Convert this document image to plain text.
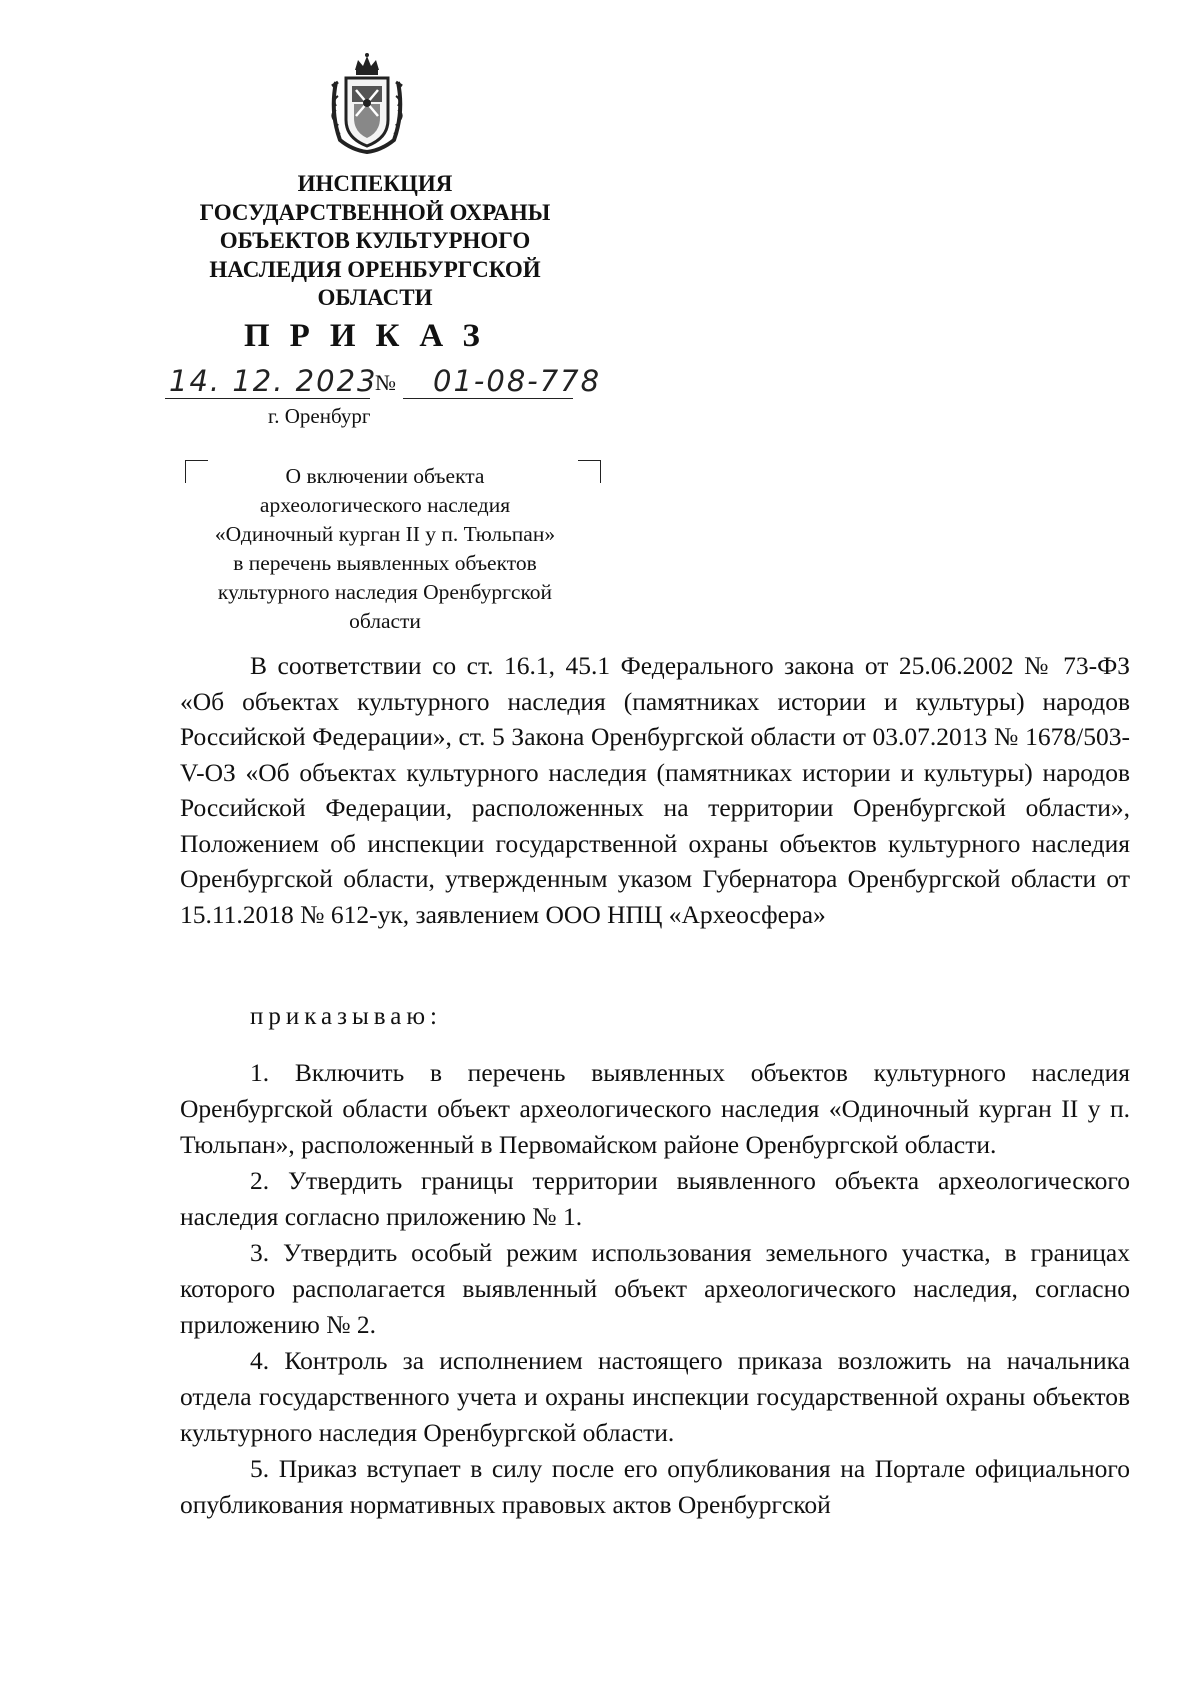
ИНСПЕКЦИЯ
ГОСУДАРСТВЕННОЙ ОХРАНЫ
ОБЪЕКТОВ КУЛЬТУРНОГО
НАСЛЕДИЯ ОРЕНБУРГСКОЙ
ОБЛАСТИ
ПРИКАЗ
14. 12. 2023
№ 01-08-778
г. Оренбург
О включении объекта
археологического наследия
«Одиночный курган II у п. Тюльпан»
в перечень выявленных объектов
культурного наследия Оренбургской
области
В соответствии со ст. 16.1, 45.1 Федерального закона от 25.06.2002 № 73-ФЗ «Об объектах культурного наследия (памятниках истории и культуры) народов Российской Федерации», ст. 5 Закона Оренбургской области от 03.07.2013 № 1678/503-V-ОЗ «Об объектах культурного наследия (памятниках истории и культуры) народов Российской Федерации, расположенных на территории Оренбургской области», Положением об инспекции государственной охраны объектов культурного наследия Оренбургской области, утвержденным указом Губернатора Оренбургской области от 15.11.2018 № 612-ук, заявлением ООО НПЦ «Археосфера»
приказываю:

1. Включить в перечень выявленных объектов культурного наследия Оренбургской области объект археологического наследия «Одиночный курган II у п. Тюльпан», расположенный в Первомайском районе Оренбургской области.

2. Утвердить границы территории выявленного объекта археологического наследия согласно приложению № 1.

3. Утвердить особый режим использования земельного участка, в границах которого располагается выявленный объект археологического наследия, согласно приложению № 2.

4. Контроль за исполнением настоящего приказа возложить на начальника отдела государственного учета и охраны инспекции государственной охраны объектов культурного наследия Оренбургской области.

5. Приказ вступает в силу после его опубликования на Портале официального опубликования нормативных правовых актов Оренбургской
